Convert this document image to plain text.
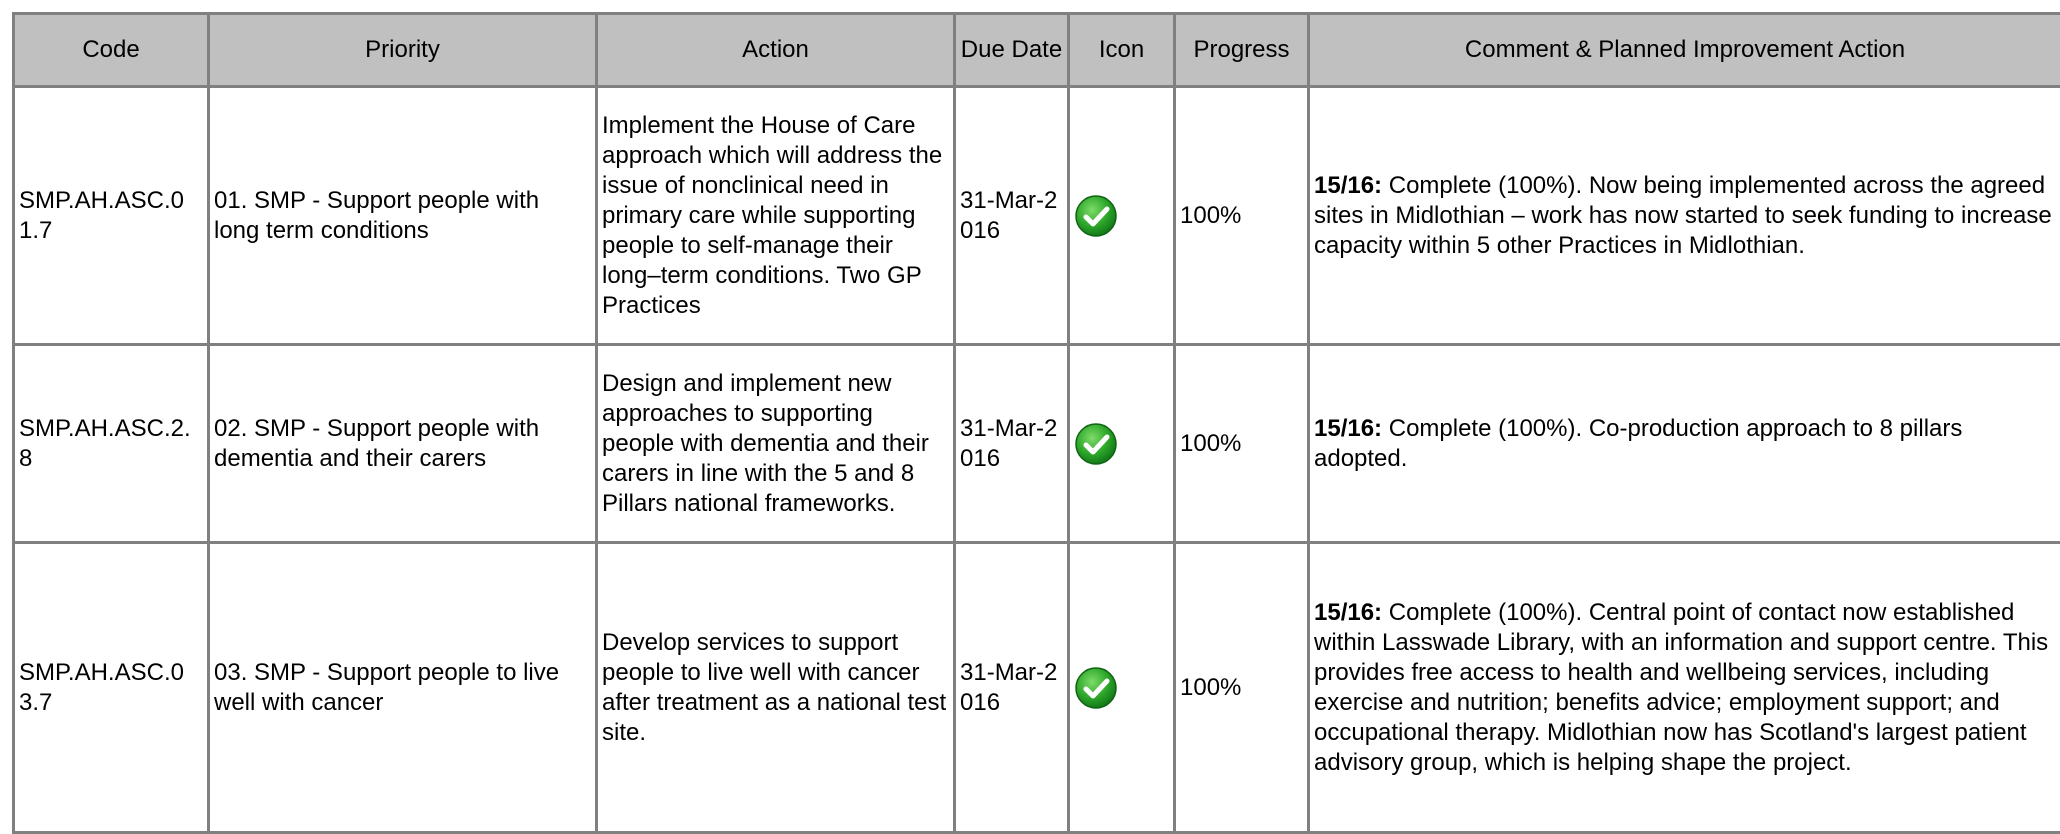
Code	Priority	Action	Due Date	Icon	Progress	Comment & Planned Improvement Action
SMP.AH.ASC.01.7	01. SMP - Support people with long term conditions	Implement the House of Care approach which will address the issue of nonclinical need in primary care while supporting people to self-manage their long–term conditions. Two GP Practices	31-Mar-2016		100%	15/16: Complete (100%). Now being implemented across the agreed sites in Midlothian – work has now started to seek funding to increase capacity within 5 other Practices in Midlothian.
SMP.AH.ASC.2.8	02. SMP - Support people with dementia and their carers	Design and implement new approaches to supporting people with dementia and their carers in line with the 5 and 8 Pillars national frameworks.	31-Mar-2016		100%	15/16: Complete (100%). Co-production approach to 8 pillars adopted.
SMP.AH.ASC.03.7	03. SMP - Support people to live well with cancer	Develop services to support people to live well with cancer after treatment as a national test site.	31-Mar-2016		100%	15/16: Complete (100%). Central point of contact now established within Lasswade Library, with an information and support centre. This provides free access to health and wellbeing services, including exercise and nutrition; benefits advice; employment support; and occupational therapy. Midlothian now has Scotland's largest patient advisory group, which is helping shape the project.
